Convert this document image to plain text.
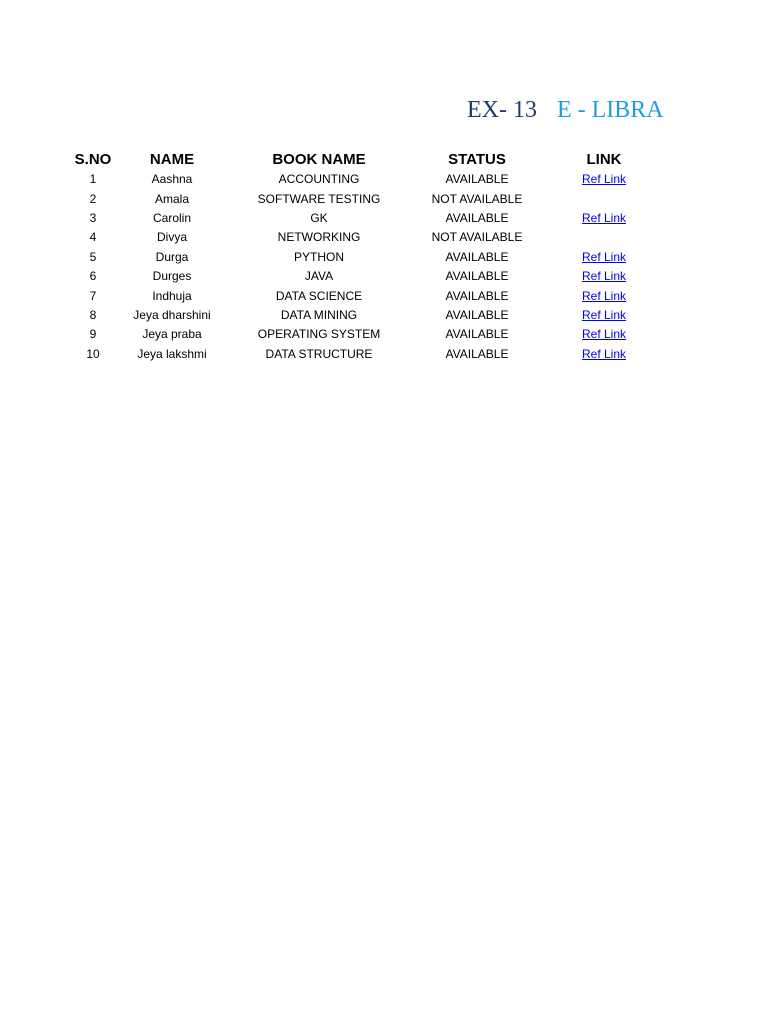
EX- 13 E - LIBRA
S.NO	NAME	BOOK NAME	STATUS	LINK
1	Aashna	ACCOUNTING	AVAILABLE	Ref Link
2	Amala	SOFTWARE TESTING	NOT AVAILABLE	
3	Carolin	GK	AVAILABLE	Ref Link
4	Divya	NETWORKING	NOT AVAILABLE	
5	Durga	PYTHON	AVAILABLE	Ref Link
6	Durges	JAVA	AVAILABLE	Ref Link
7	Indhuja	DATA SCIENCE	AVAILABLE	Ref Link
8	Jeya dharshini	DATA MINING	AVAILABLE	Ref Link
9	Jeya praba	OPERATING SYSTEM	AVAILABLE	Ref Link
10	Jeya lakshmi	DATA STRUCTURE	AVAILABLE	Ref Link
